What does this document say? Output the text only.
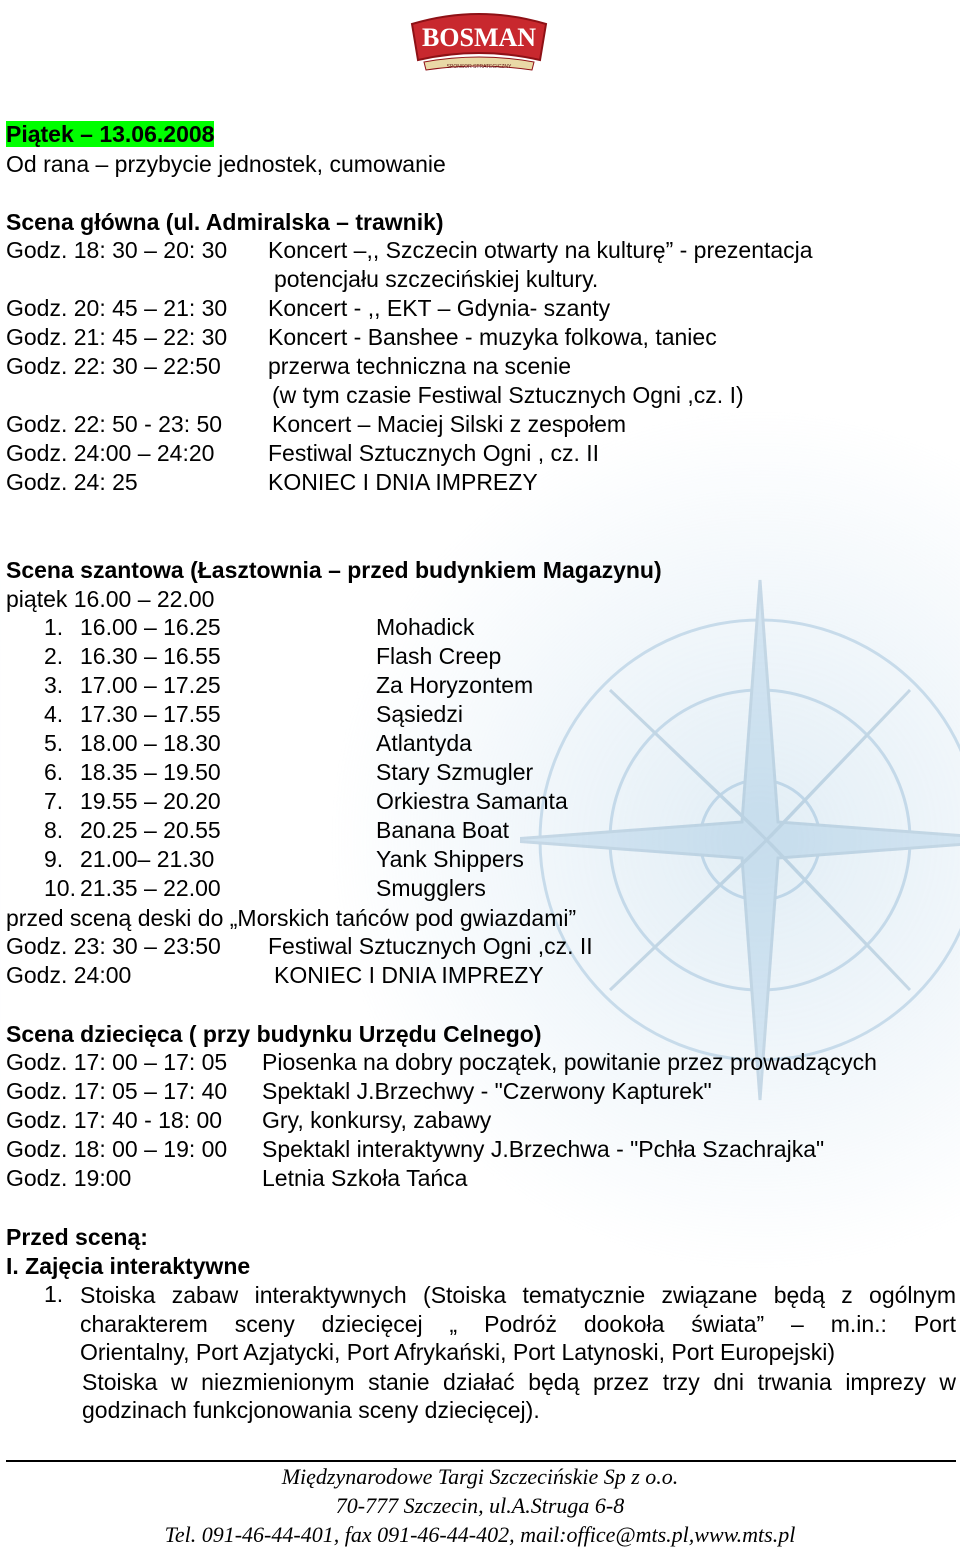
BOSMAN
SPONSOR STRATEGICZNY
Piątek – 13.06.2008
Od rana – przybycie jednostek, cumowanie
Scena główna (ul. Admiralska – trawnik)
Godz. 18: 30 – 20: 30 Koncert –,, Szczecin otwarty na kulturę” - prezentacja
potencjału szczecińskiej kultury.
Godz. 20: 45 – 21: 30 Koncert - ,, EKT – Gdynia- szanty
Godz. 21: 45 – 22: 30 Koncert - Banshee - muzyka folkowa, taniec
Godz. 22: 30 – 22:50 przerwa techniczna na scenie
(w tym czasie Festiwal Sztucznych Ogni ,cz. I)
Godz. 22: 50 - 23: 50 Koncert – Maciej Silski z zespołem
Godz. 24:00 – 24:20 Festiwal Sztucznych Ogni , cz. II
Godz. 24: 25	KONIEC I DNIA IMPREZY
Scena szantowa (Łasztownia – przed budynkiem Magazynu)
piątek 16.00 – 22.00
1. 16.00 – 16.25	Mohadick
2. 16.30 – 16.55	Flash Creep
3. 17.00 – 17.25	Za Horyzontem
4. 17.30 – 17.55	Sąsiedzi
5. 18.00 – 18.30	Atlantyda
6. 18.35 – 19.50	Stary Szmugler
7. 19.55 – 20.20	Orkiestra Samanta
8. 20.25 – 20.55	Banana Boat
9. 21.00– 21.30	Yank Shippers
10. 21.35 – 22.00	Smugglers
przed sceną deski do „Morskich tańców pod gwiazdami”
Godz. 23: 30 – 23:50 Festiwal Sztucznych Ogni ,cz. II
Godz. 24:00	KONIEC I DNIA IMPREZY
Scena dziecięca ( przy budynku Urzędu Celnego)
Godz. 17: 00 – 17: 05 Piosenka na dobry początek, powitanie przez prowadzących
Godz. 17: 05 – 17: 40 Spektakl J.Brzechwy - "Czerwony Kapturek"
Godz. 17: 40 - 18: 00 Gry, konkursy, zabawy
Godz. 18: 00 – 19: 00 Spektakl interaktywny J.Brzechwa - "Pchła Szachrajka"
Godz. 19:00	Letnia Szkoła Tańca
Przed sceną:
I. Zajęcia interaktywne
1. Stoiska zabaw interaktywnych (Stoiska tematycznie związane będą z ogólnym
charakterem sceny dziecięcej „ Podróż dookoła świata” – m.in.: Port
Orientalny, Port Azjatycki, Port Afrykański, Port Latynoski, Port Europejski)
Stoiska w niezmienionym stanie działać będą przez trzy dni trwania imprezy w
godzinach funkcjonowania sceny dziecięcej).
Międzynarodowe Targi Szczecińskie Sp z o.o.
70-777 Szczecin, ul.A.Struga 6-8
Tel. 091-46-44-401, fax 091-46-44-402, mail:office@mts.pl,www.mts.pl
